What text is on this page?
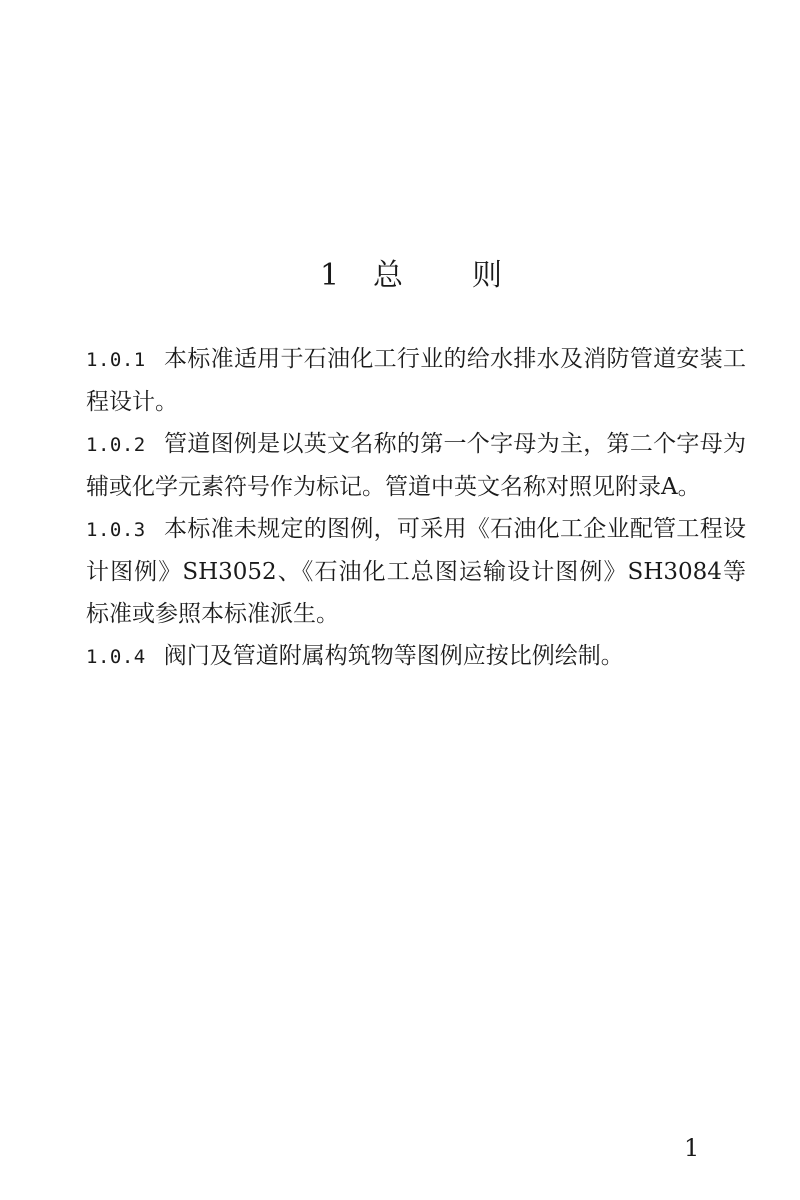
1 总 则

1.0.1 本标准适用于石油化工行业的给水排水及消防管道安装工程设计。

1.0.2 管道图例是以英文名称的第一个字母为主，第二个字母为辅或化学元素符号作为标记。管道中英文名称对照见附录A。

1.0.3 本标准未规定的图例，可采用《石油化工企业配管工程设计图例》SH3052、《石油化工总图运输设计图例》SH3084等标准或参照本标准派生。

1.0.4 阀门及管道附属构筑物等图例应按比例绘制。

1
